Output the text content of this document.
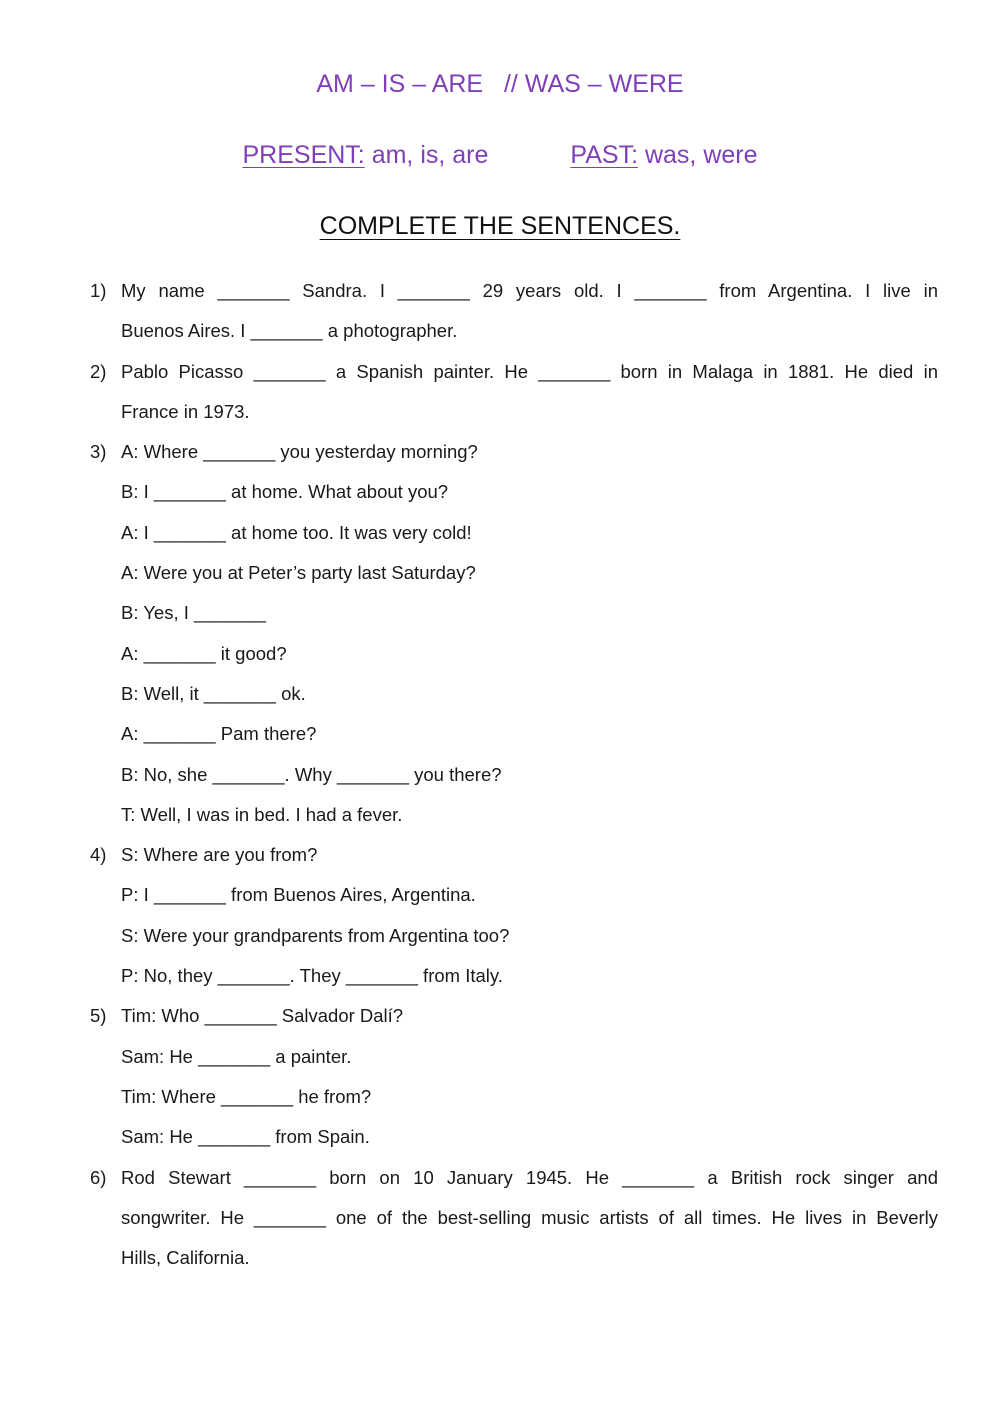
AM – IS – ARE   // WAS – WERE
PRESENT: am, is, are	PAST: was, were
COMPLETE THE SENTENCES.
1) My name _______ Sandra. I _______ 29 years old. I _______ from Argentina. I live in
Buenos Aires. I _______ a photographer.
2) Pablo Picasso _______ a Spanish painter. He _______ born in Malaga in 1881. He died in
France in 1973.
3) A: Where _______ you yesterday morning?
B: I _______ at home. What about you?
A: I _______ at home too. It was very cold!
A: Were you at Peter’s party last Saturday?
B: Yes, I _______
A: _______ it good?
B: Well, it _______ ok.
A: _______ Pam there?
B: No, she _______. Why _______ you there?
T: Well, I was in bed. I had a fever.
4) S: Where are you from?
P: I _______ from Buenos Aires, Argentina.
S: Were your grandparents from Argentina too?
P: No, they _______. They _______ from Italy.
5) Tim: Who _______ Salvador Dalí?
Sam: He _______ a painter.
Tim: Where _______ he from?
Sam: He _______ from Spain.
6) Rod Stewart _______ born on 10 January 1945. He _______ a British rock singer and
songwriter. He _______ one of the best-selling music artists of all times. He lives in Beverly
Hills, California.
